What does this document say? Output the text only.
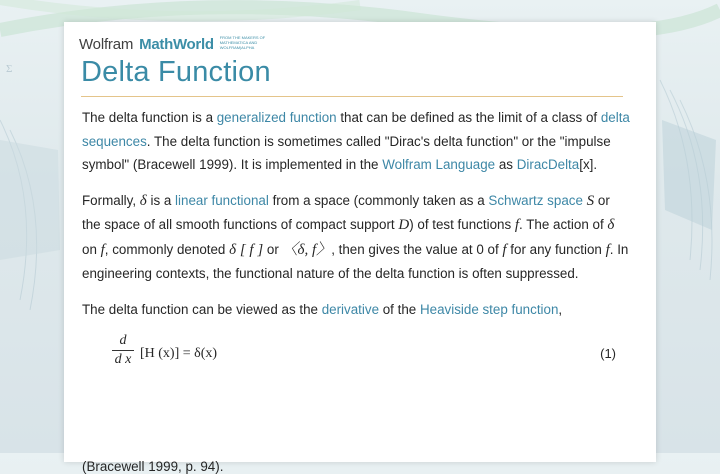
Σ
Wolfram MathWorld FROM THE MAKERS OF MATHEMATICA AND WOLFRAM|ALPHA
Delta Function

The delta function is a generalized function that can be defined as the limit of a class of delta sequences. The delta function is sometimes called "Dirac's delta function" or the "impulse symbol" (Bracewell 1999). It is implemented in the Wolfram Language as DiracDelta[x].

Formally, δ is a linear functional from a space (commonly taken as a Schwartz space S or the space of all smooth functions of compact support D) of test functions f. The action of δ on f, commonly denoted δ [ f ] or 〈δ, f〉, then gives the value at 0 of f for any function f. In engineering contexts, the functional nature of the delta function is often suppressed.

The delta function can be viewed as the derivative of the Heaviside step function,

d
d x [H (x)] = δ(x)	(1)
(Bracewell 1999, p. 94).
